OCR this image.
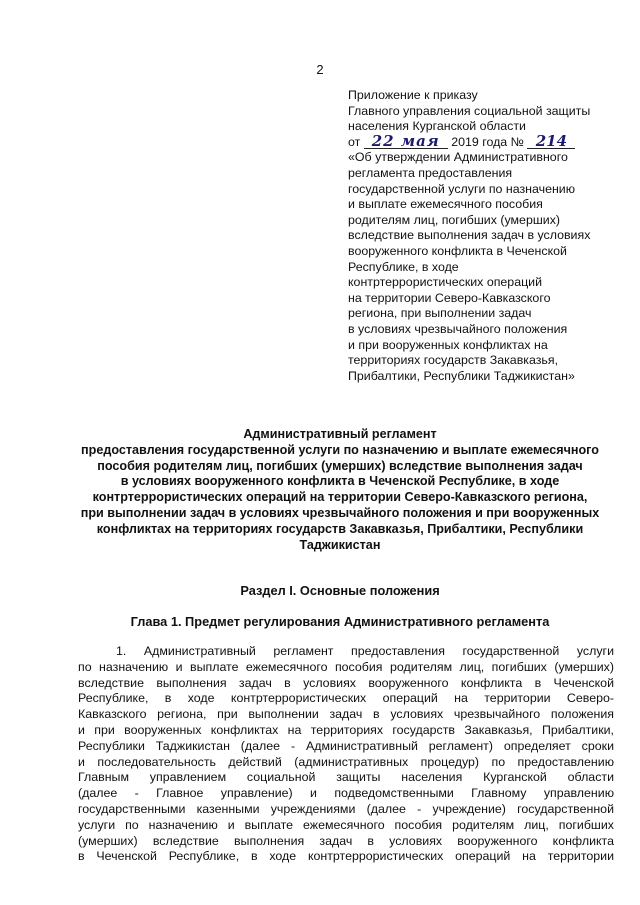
2
Приложение к приказу
Главного управления социальной защиты
населения Курганской области
от 22 мая 2019 года № 214
«Об утверждении Административного
регламента предоставления
государственной услуги по назначению
и выплате ежемесячного пособия
родителям лиц, погибших (умерших)
вследствие выполнения задач в условиях
вооруженного конфликта в Чеченской
Республике, в ходе
контртеррористических операций
на территории Северо-Кавказского
региона, при выполнении задач
в условиях чрезвычайного положения
и при вооруженных конфликтах на
территориях государств Закавказья,
Прибалтики, Республики Таджикистан»
Административный регламент
предоставления государственной услуги по назначению и выплате ежемесячного
пособия родителям лиц, погибших (умерших) вследствие выполнения задач
в условиях вооруженного конфликта в Чеченской Республике, в ходе
контртеррористических операций на территории Северо-Кавказского региона,
при выполнении задач в условиях чрезвычайного положения и при вооруженных
конфликтах на территориях государств Закавказья, Прибалтики, Республики
Таджикистан
Раздел I. Основные положения
Глава 1. Предмет регулирования Административного регламента
1. Административный регламент предоставления государственной услуги
по назначению и выплате ежемесячного пособия родителям лиц, погибших (умерших)
вследствие выполнения задач в условиях вооруженного конфликта в Чеченской
Республике, в ходе контртеррористических операций на территории Северо-
Кавказского региона, при выполнении задач в условиях чрезвычайного положения
и при вооруженных конфликтах на территориях государств Закавказья, Прибалтики,
Республики Таджикистан (далее - Административный регламент) определяет сроки
и последовательность действий (административных процедур) по предоставлению
Главным управлением социальной защиты населения Курганской области
(далее - Главное управление) и подведомственными Главному управлению
государственными казенными учреждениями (далее - учреждение) государственной
услуги по назначению и выплате ежемесячного пособия родителям лиц, погибших
(умерших) вследствие выполнения задач в условиях вооруженного конфликта
в Чеченской Республике, в ходе контртеррористических операций на территории
